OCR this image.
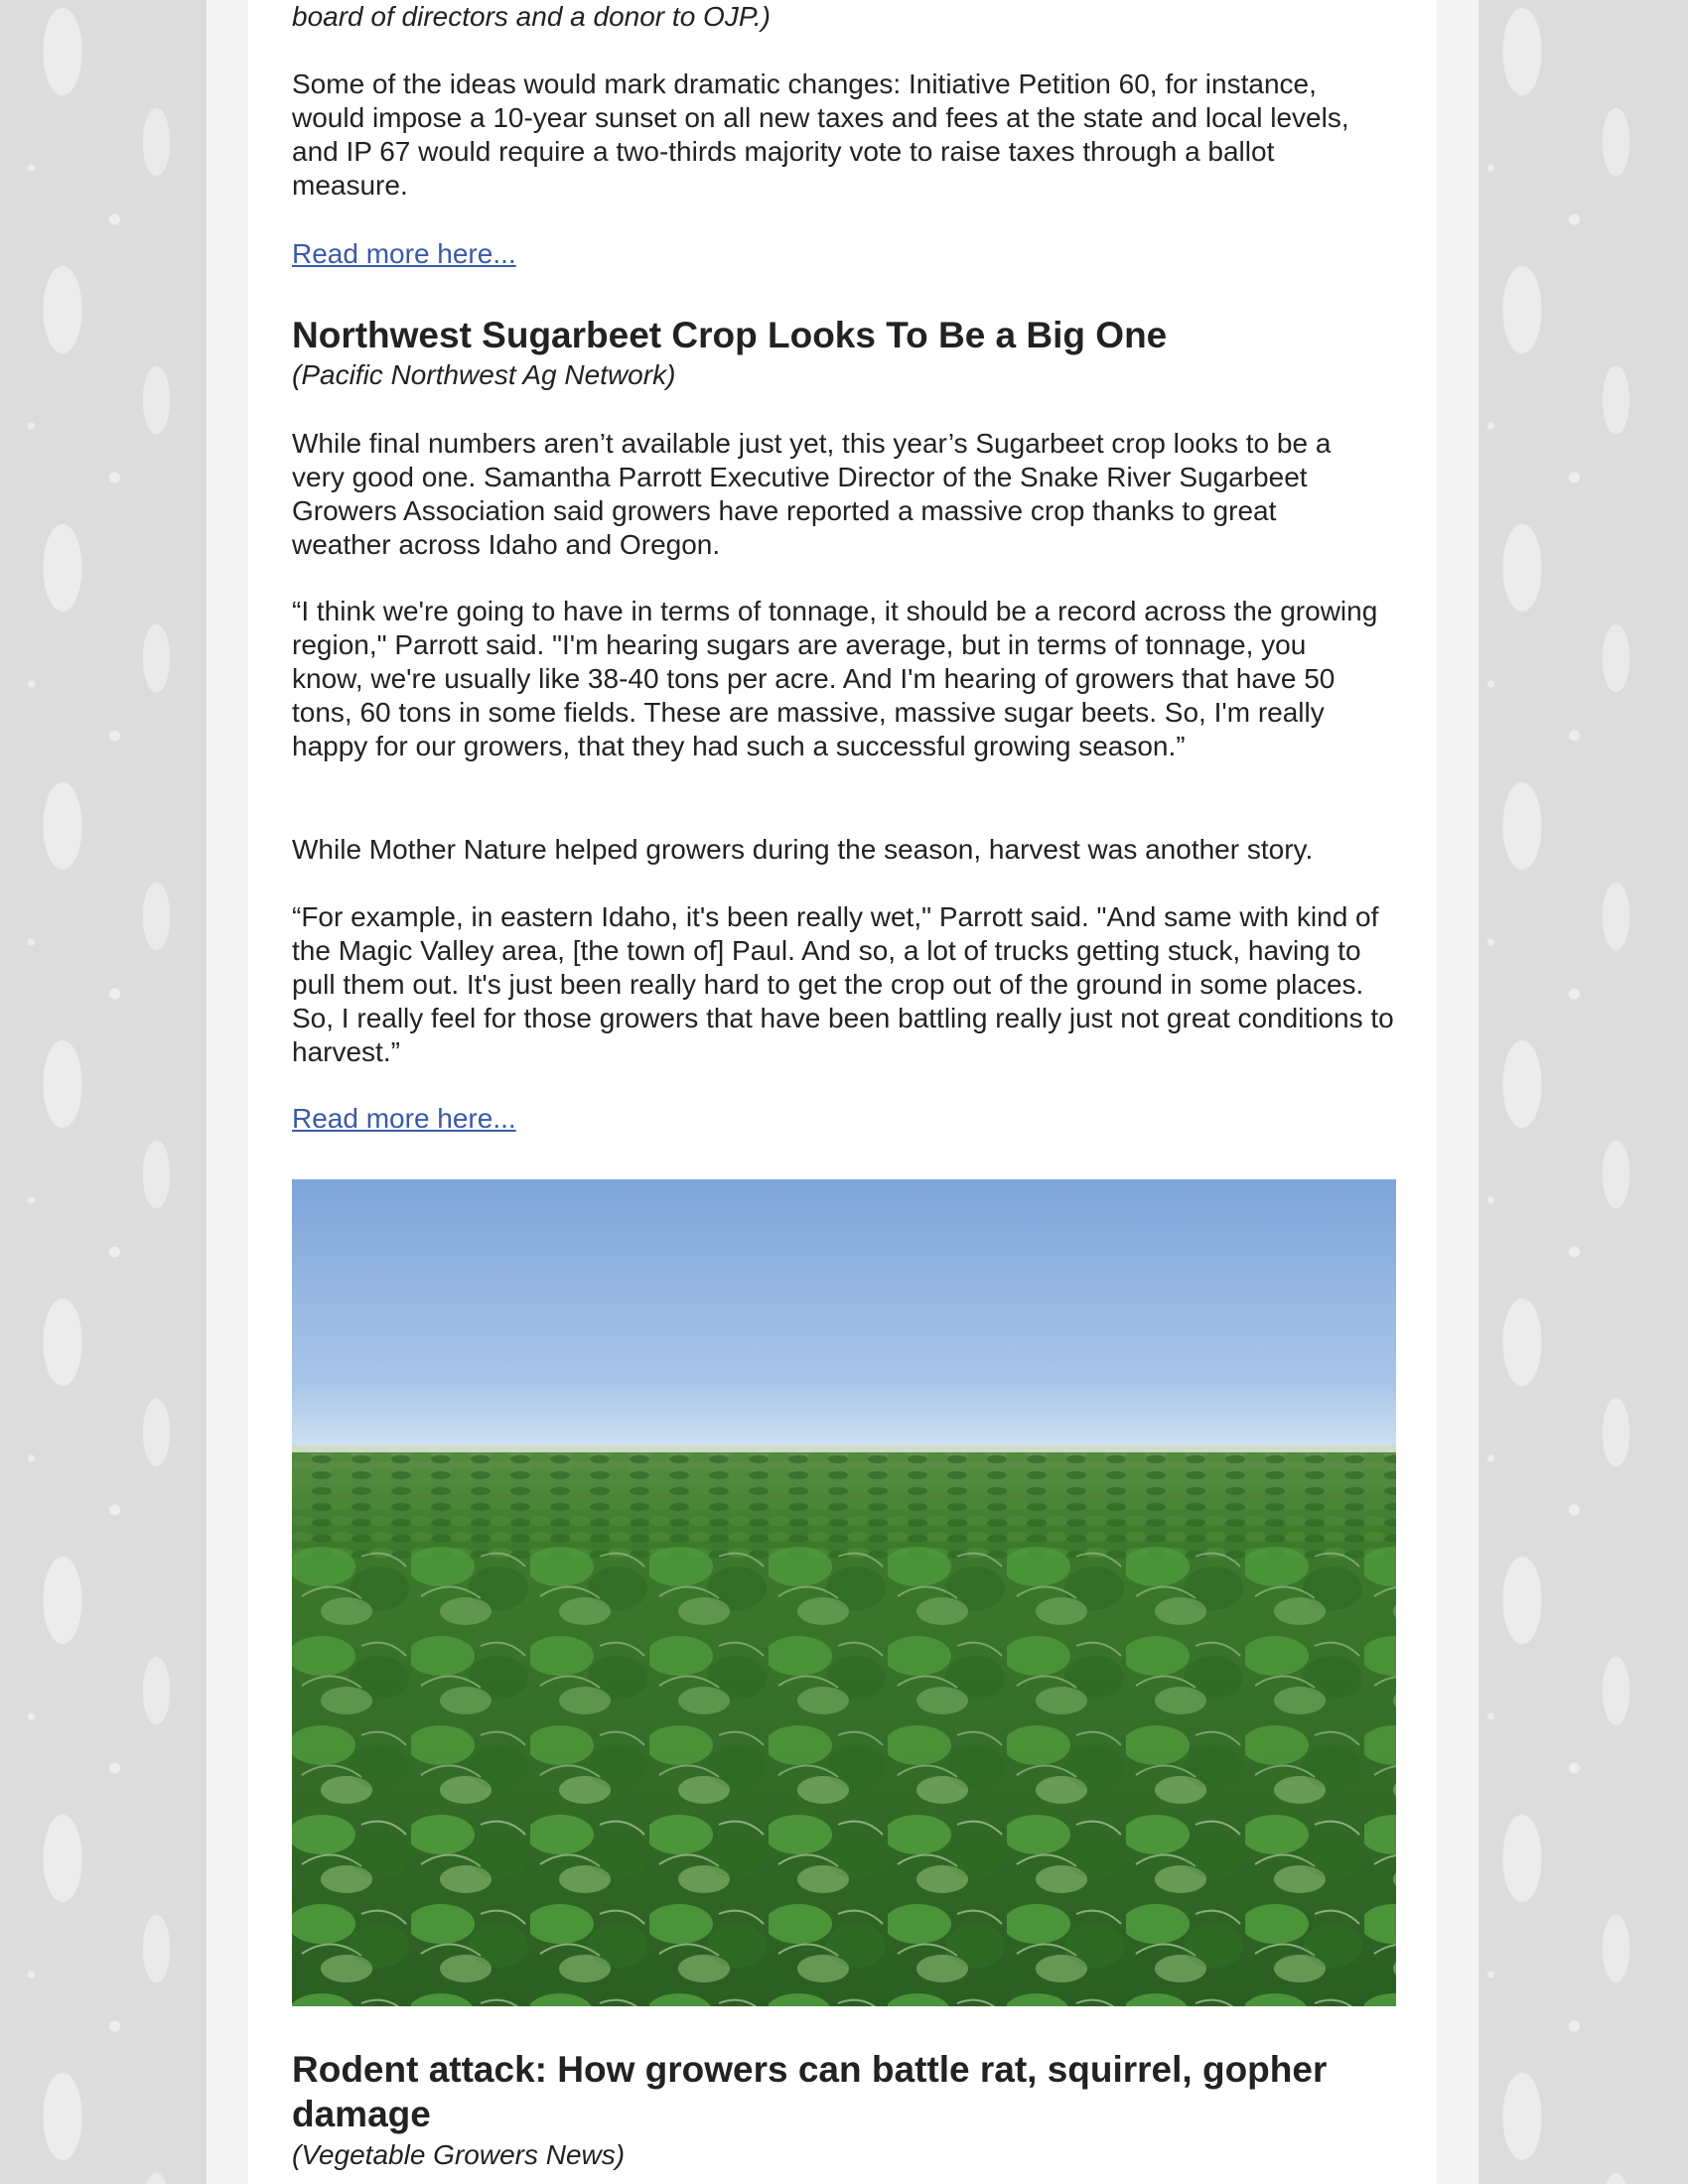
board of directors and a donor to OJP.)

Some of the ideas would mark dramatic changes: Initiative Petition 60, for instance, would impose a 10-year sunset on all new taxes and fees at the state and local levels, and IP 67 would require a two-thirds majority vote to raise taxes through a ballot measure.

Read more here...
Northwest Sugarbeet Crop Looks To Be a Big One

(Pacific Northwest Ag Network)

While final numbers aren’t available just yet, this year’s Sugarbeet crop looks to be a very good one. Samantha Parrott Executive Director of the Snake River Sugarbeet Growers Association said growers have reported a massive crop thanks to great weather across Idaho and Oregon.

“I think we're going to have in terms of tonnage, it should be a record across the growing region," Parrott said. "I'm hearing sugars are average, but in terms of tonnage, you know, we're usually like 38-40 tons per acre. And I'm hearing of growers that have 50 tons, 60 tons in some fields. These are massive, massive sugar beets. So, I'm really happy for our growers, that they had such a successful growing season.”

While Mother Nature helped growers during the season, harvest was another story.

“For example, in eastern Idaho, it's been really wet," Parrott said. "And same with kind of the Magic Valley area, [the town of] Paul. And so, a lot of trucks getting stuck, having to pull them out. It's just been really hard to get the crop out of the ground in some places. So, I really feel for those growers that have been battling really just not great conditions to harvest.”

Read more here...
Rodent attack: How growers can battle rat, squirrel, gopher damage

(Vegetable Growers News)
